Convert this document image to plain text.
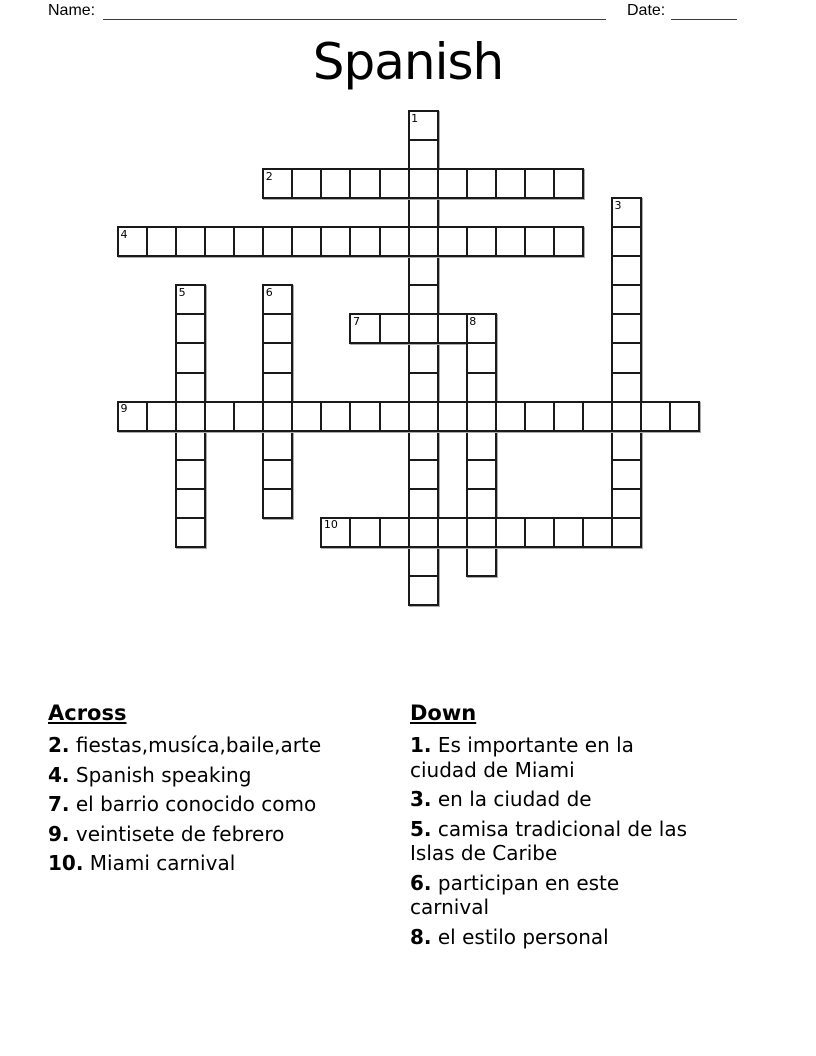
Name:	Date:
Spanish
1
2
3
4
5	6
7	8
9
10
Across
2. fiestas,musíca,baile,arte
4. Spanish speaking
7. el barrio conocido como
9. veintisete de febrero
10. Miami carnival
Down
1. Es importante en la
ciudad de Miami
3. en la ciudad de
5. camisa tradicional de las
Islas de Caribe
6. participan en este
carnival
8. el estilo personal
